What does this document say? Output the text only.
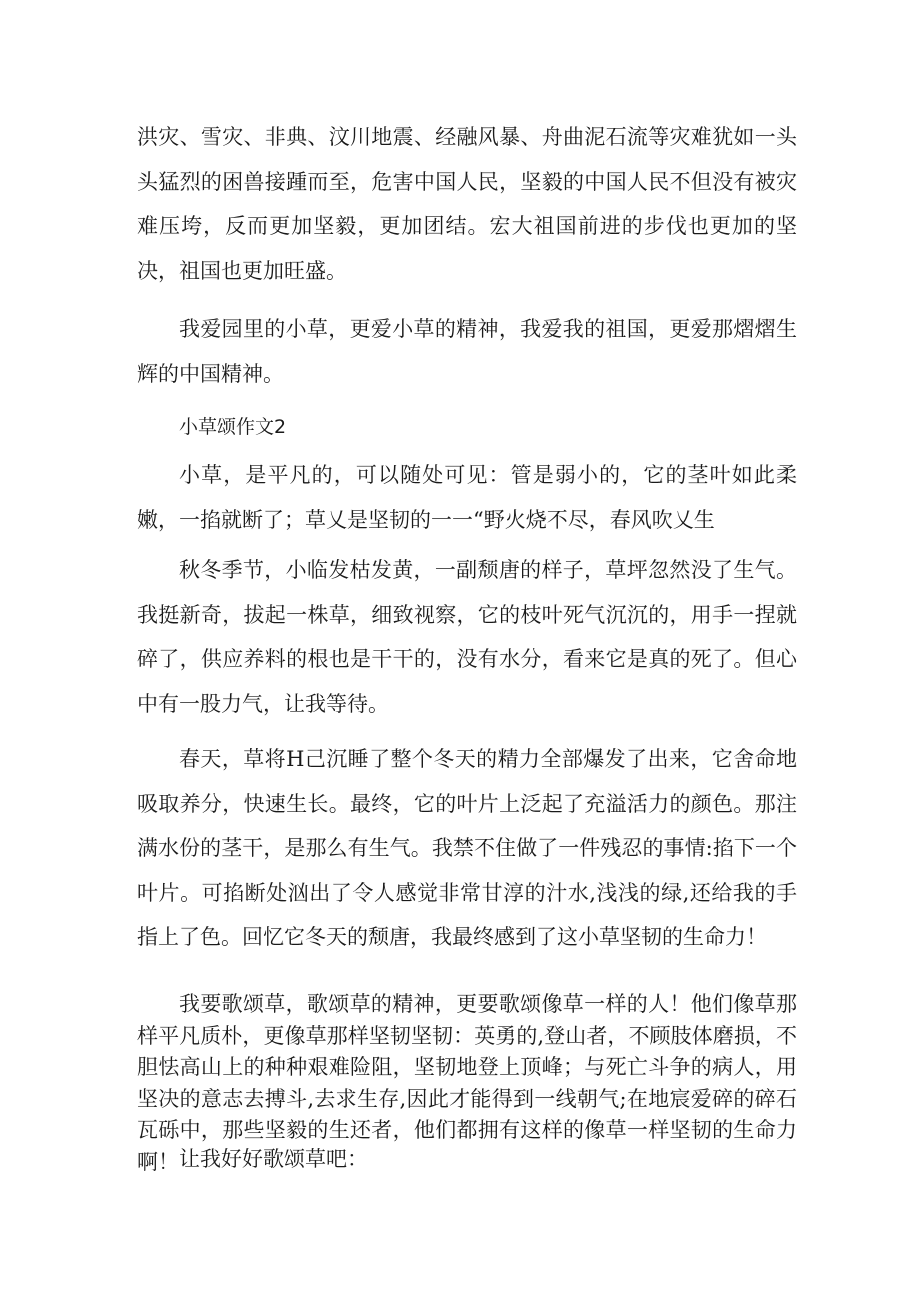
洪灾、雪灾、非典、汶川地震、经融风暴、舟曲泥石流等灾难犹如一头头猛烈的困兽接踵而至，危害中国人民，坚毅的中国人民不但没有被灾难压垮，反而更加坚毅，更加团结。宏大祖国前进的步伐也更加的坚决，祖国也更加旺盛。

我爱园里的小草，更爱小草的精神，我爱我的祖国，更爱那熠熠生辉的中国精神。

小草颂作文2

小草，是平凡的，可以随处可见：管是弱小的，它的茎叶如此柔嫩，一掐就断了；草乂是坚韧的一一“野火烧不尽，春风吹乂生

秋冬季节，小临发枯发黄，一副颓唐的样子，草坪忽然没了生气。我挺新奇，拔起一株草，细致视察，它的枝叶死气沉沉的，用手一捏就碎了，供应养料的根也是干干的，没有水分，看来它是真的死了。但心中有一股力气，让我等待。

春天，草将H己沉睡了整个冬天的精力全部爆发了出来，它舍命地吸取养分，快速生长。最终，它的叶片上泛起了充溢活力的颜色。那注满水份的茎干，是那么有生气。我禁不住做了一件残忍的事情:掐下一个叶片。可掐断处汹出了令人感觉非常甘淳的汁水,浅浅的绿,还给我的手指上了色。回忆它冬天的颓唐，我最终感到了这小草坚韧的生命力！

我要歌颂草，歌颂草的精神，更要歌颂像草一样的人！他们像草那样平凡质朴，更像草那样坚韧坚韧：英勇的,登山者，不顾肢体磨损，不胆怯高山上的种种艰难险阻，坚韧地登上顶峰；与死亡斗争的病人，用坚决的意志去搏斗,去求生存,因此才能得到一线朝气;在地宸爱碎的碎石瓦砾中，那些坚毅的生还者，他们都拥有这样的像草一样坚韧的生命力啊！ 让我好好歌颂草吧：
